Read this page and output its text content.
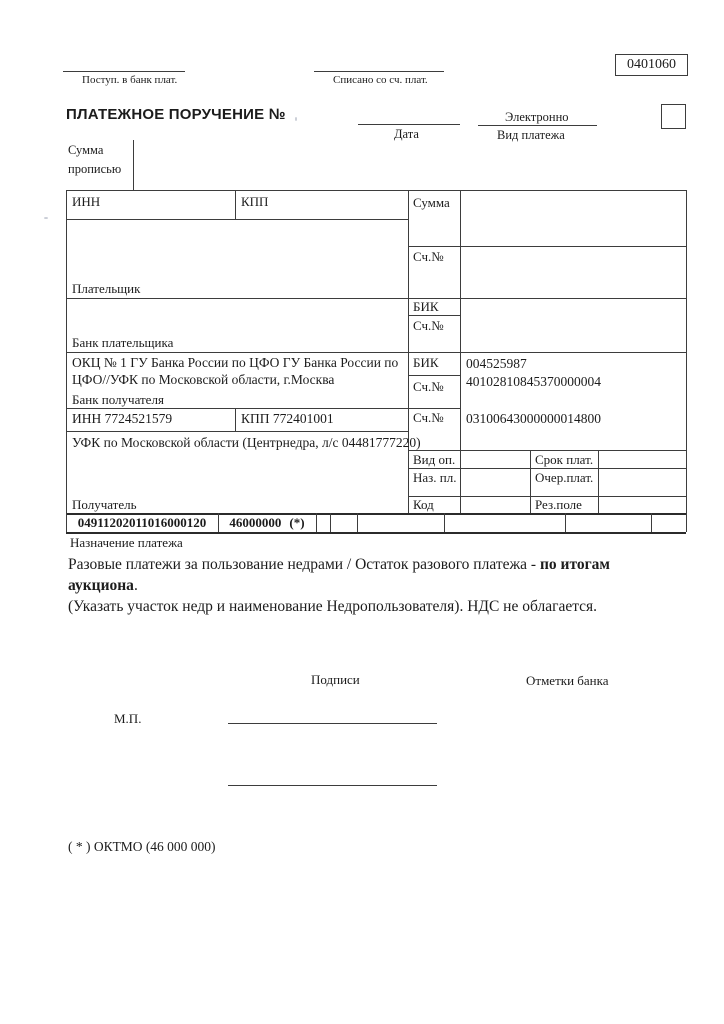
Поступ. в банк плат.	Списано со сч. плат.
0401060
ПЛАТЕЖНОЕ ПОРУЧЕНИЕ №
Дата
Электронно
Вид платежа
Сумма прописью
ИНН	КПП	Сумма
Сч.№
Плательщик
БИК
Сч.№
Банк плательщика
ОКЦ № 1 ГУ Банка России по ЦФО ГУ Банка России по
ЦФО//УФК по Московской области, г.Москва
Банк получателя
БИК 004525987
Сч.№ 40102810845370000004
ИНН 7724521579	КПП 772401001	Сч.№ 03100643000000014800
УФК по Московской области (Центрнедра, л/с 04481777220)
Получатель
Вид оп.	Срок плат.
Наз. пл.	Очер.плат.
Код	Рез.поле
04911202011016000120 46000000 (*)
Назначение платежа
Разовые платежи за пользование недрами / Остаток разового платежа - по итогам
аукциона.
(Указать участок недр и наименование Недропользователя). НДС не облагается.
Подписи	Отметки банка
М.П.
( * ) ОКТМО (46 000 000)
